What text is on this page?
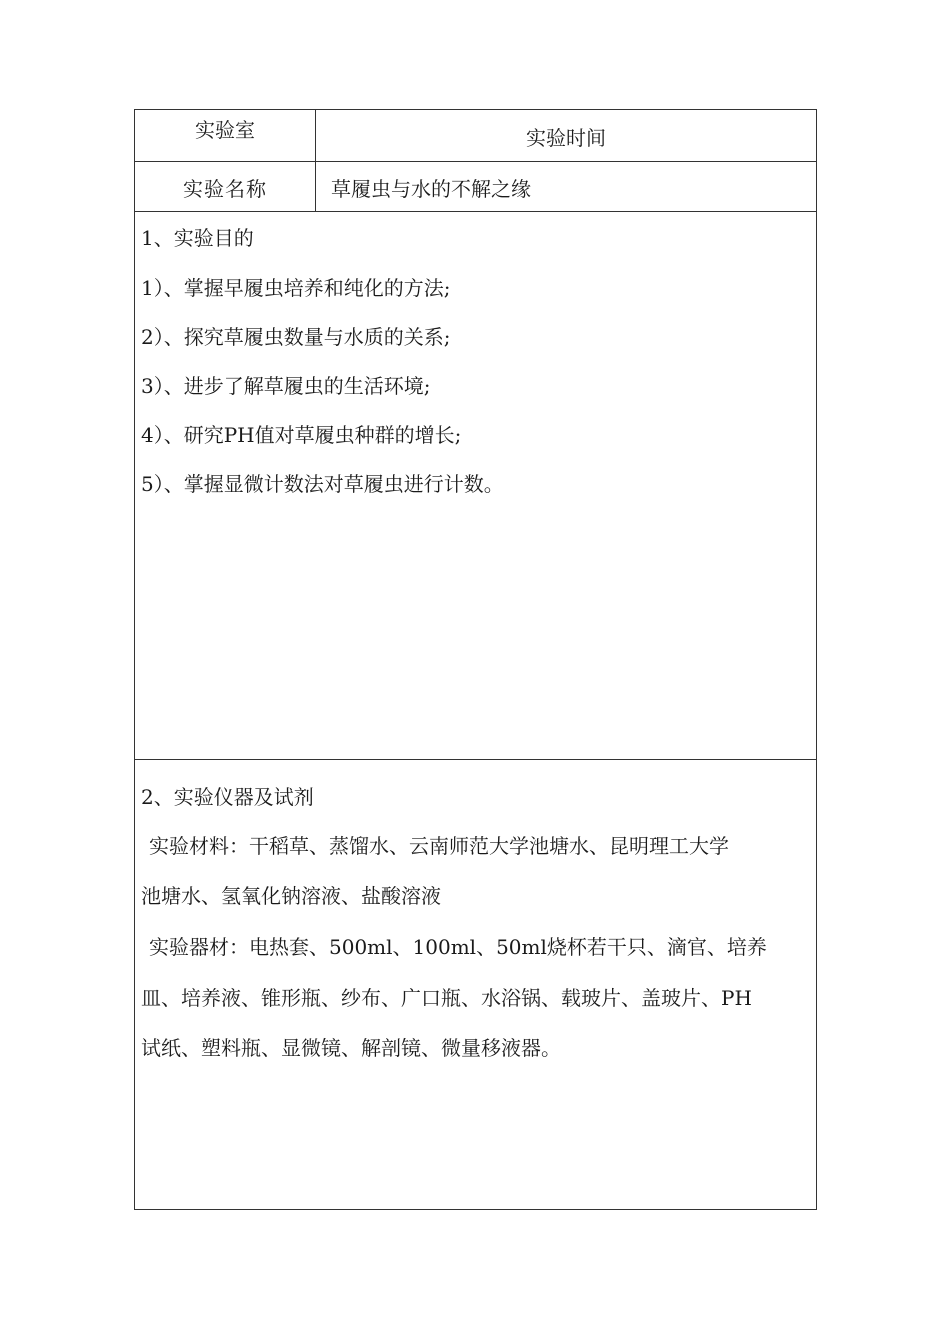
实验室	实验时间
实验名称	草履虫与水的不解之缘
1、实验目的
1）、掌握早履虫培养和纯化的方法;
2）、探究草履虫数量与水质的关系;
3）、进步了解草履虫的生活环境;
4）、研究PH值对草履虫种群的增长;
5）、掌握显微计数法对草履虫进行计数。
2、实验仪器及试剂
实验材料：干稻草、蒸馏水、云南师范大学池塘水、昆明理工大学
池塘水、氢氧化钠溶液、盐酸溶液
实验器材：电热套、500ml、100ml、50ml烧杯若干只、滴官、培养
皿、培养液、锥形瓶、纱布、广口瓶、水浴锅、载玻片、盖玻片、PH
试纸、塑料瓶、显微镜、解剖镜、微量移液器。
